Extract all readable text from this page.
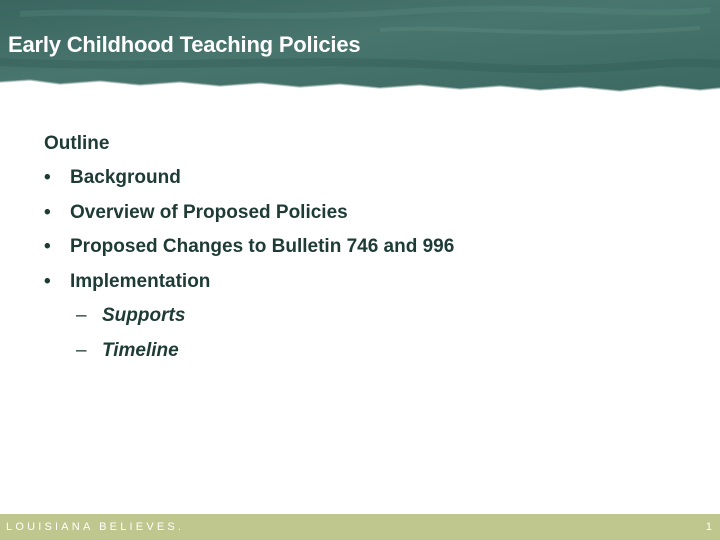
Early Childhood Teaching Policies
Outline
•	Background
•	Overview of Proposed Policies
•	Proposed Changes to Bulletin 746 and 996
•	Implementation
– Supports
– Timeline
LOUISIANA BELIEVES.	1
